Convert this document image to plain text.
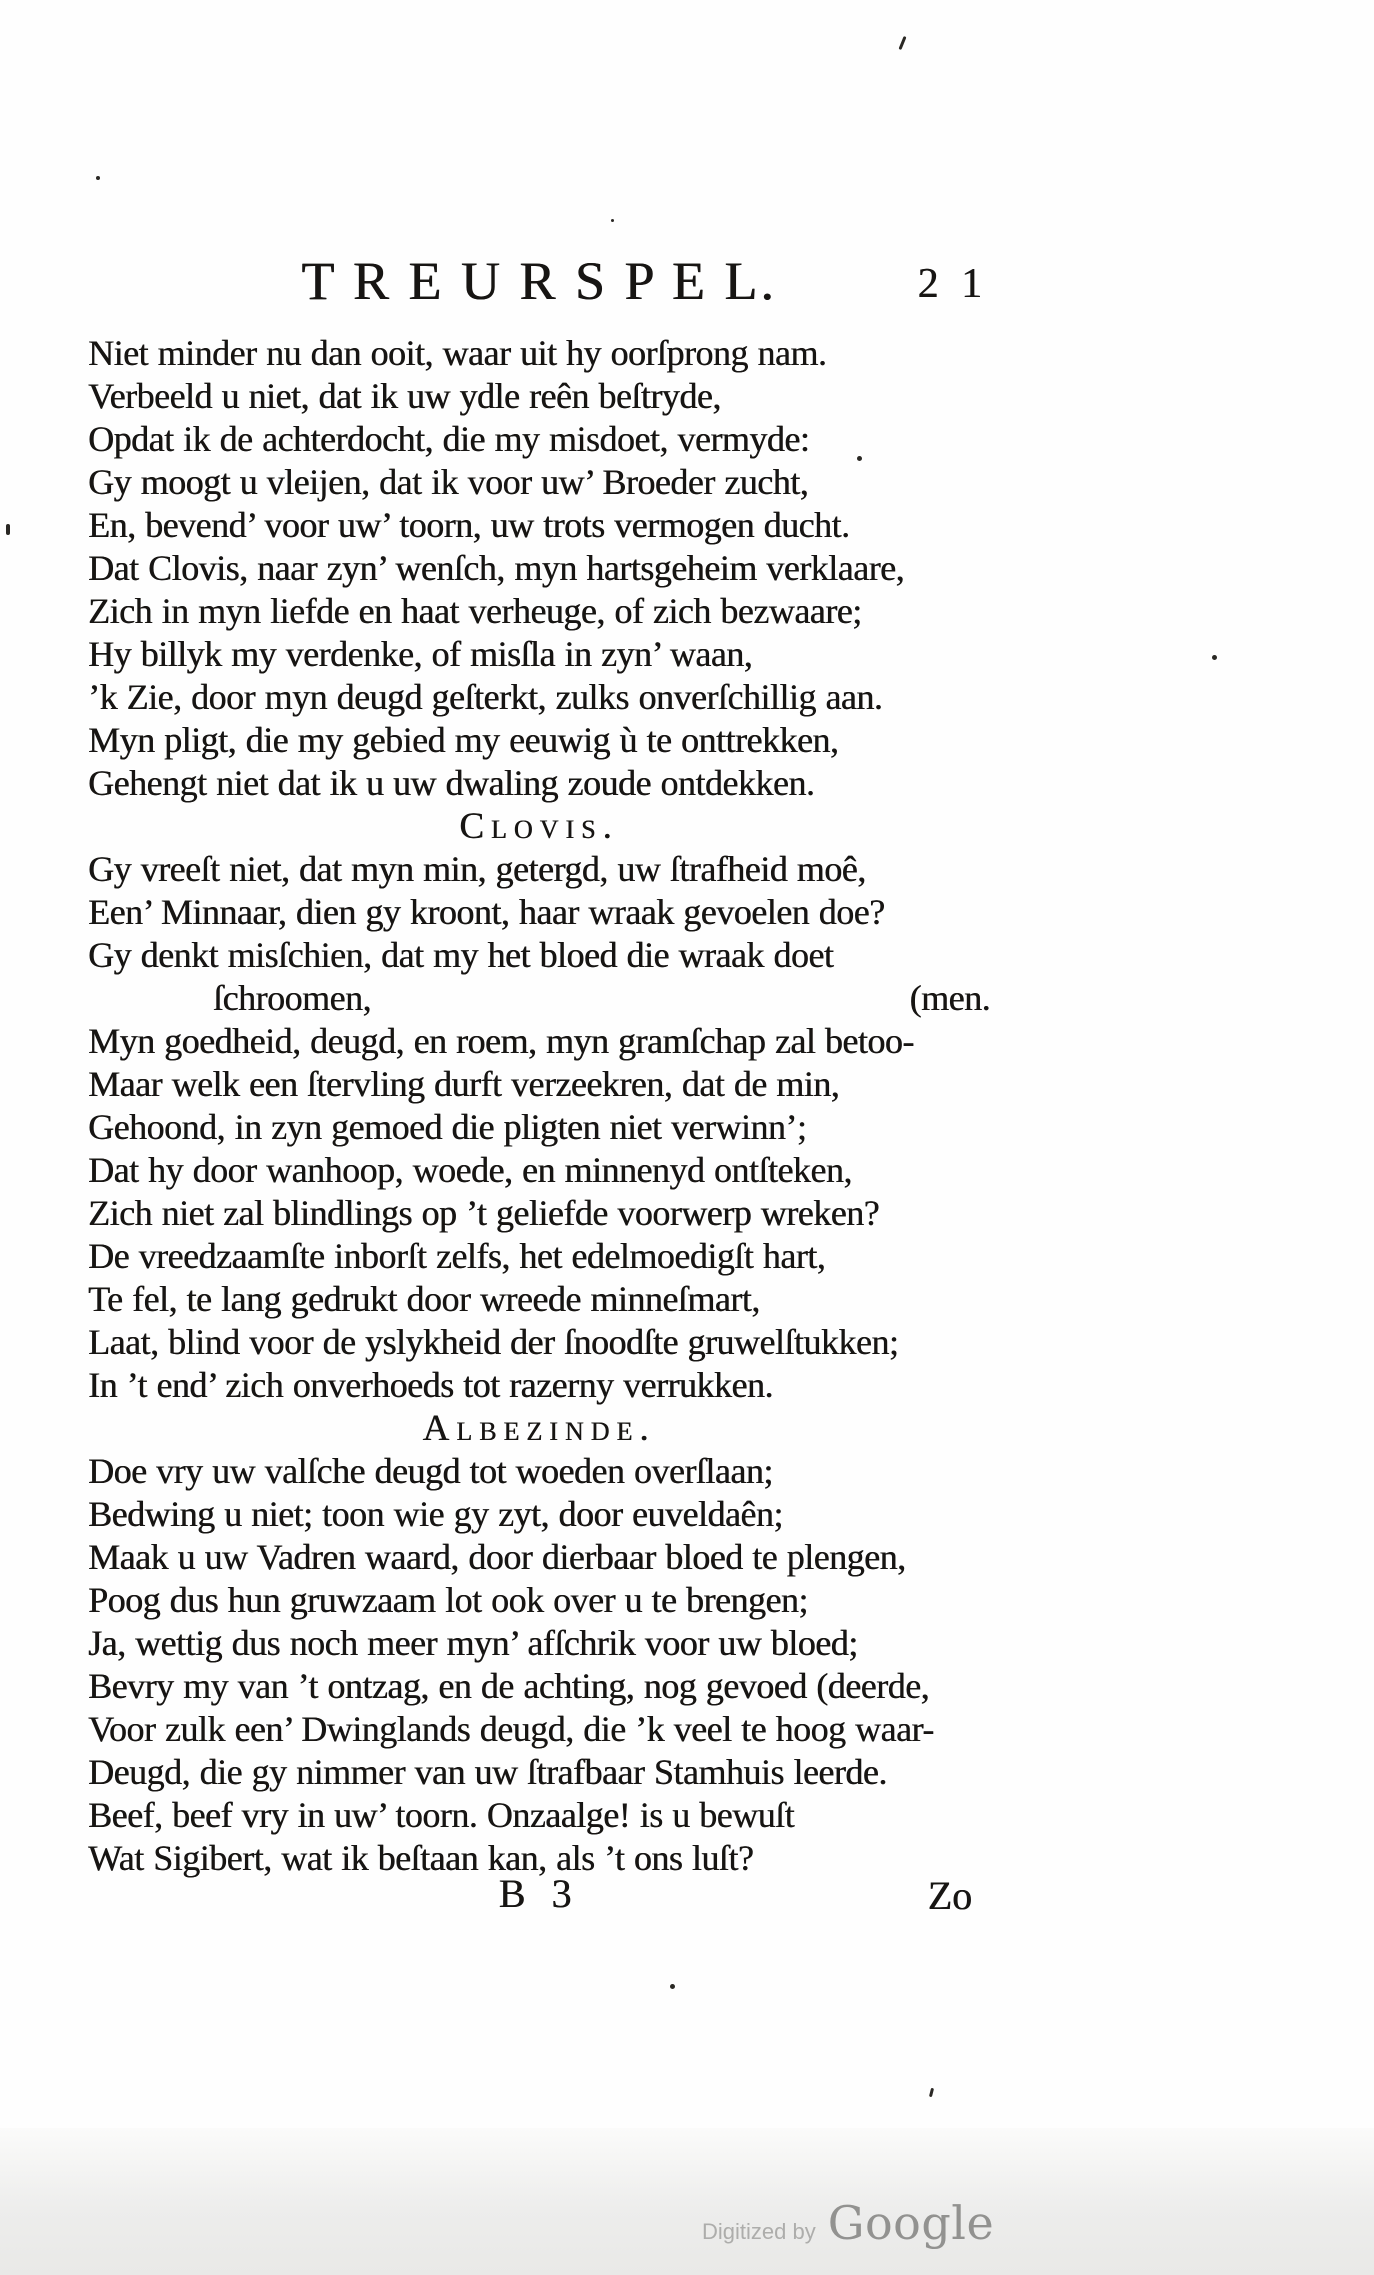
T R E U R S P E L.	2 1
Niet minder nu dan ooit, waar uit hy oorſprong nam.
Verbeeld u niet, dat ik uw ydle reên beſtryde,
Opdat ik de achterdocht, die my misdoet, vermyde:
Gy moogt u vleijen, dat ik voor uw’ Broeder zucht,
En, bevend’ voor uw’ toorn, uw trots vermogen ducht.
Dat Clovis, naar zyn’ wenſch, myn hartsgeheim verklaare,
Zich in myn liefde en haat verheuge, of zich bezwaare;
Hy billyk my verdenke, of misſla in zyn’ waan,
’k Zie, door myn deugd geſterkt, zulks onverſchillig aan.
Myn pligt, die my gebied my eeuwig ù te onttrekken,
Gehengt niet dat ik u uw dwaling zoude ontdekken.
Clovis.
Gy vreeſt niet, dat myn min, getergd, uw ſtrafheid moê,
Een’ Minnaar, dien gy kroont, haar wraak gevoelen doe?
Gy denkt misſchien, dat my het bloed die wraak doet
ſchroomen,	(men.
Myn goedheid, deugd, en roem, myn gramſchap zal betoo-
Maar welk een ſtervling durft verzeekren, dat de min,
Gehoond, in zyn gemoed die pligten niet verwinn’;
Dat hy door wanhoop, woede, en minnenyd ontſteken,
Zich niet zal blindlings op ’t geliefde voorwerp wreken?
De vreedzaamſte inborſt zelfs, het edelmoedigſt hart,
Te fel, te lang gedrukt door wreede minneſmart,
Laat, blind voor de yslykheid der ſnoodſte gruwelſtukken;
In ’t end’ zich onverhoeds tot razerny verrukken.
Albezinde.
Doe vry uw valſche deugd tot woeden overſlaan;
Bedwing u niet; toon wie gy zyt, door euveldaên;
Maak u uw Vadren waard, door dierbaar bloed te plengen,
Poog dus hun gruwzaam lot ook over u te brengen;
Ja, wettig dus noch meer myn’ afſchrik voor uw bloed;
Bevry my van ’t ontzag, en de achting, nog gevoed (deerde,
Voor zulk een’ Dwinglands deugd, die ’k veel te hoog waar-
Deugd, die gy nimmer van uw ſtrafbaar Stamhuis leerde.
Beef, beef vry in uw’ toorn. Onzaalge! is u bewuſt
Wat Sigibert, wat ik beſtaan kan, als ’t ons luſt?
B 3	Zo
Digitized by Google
